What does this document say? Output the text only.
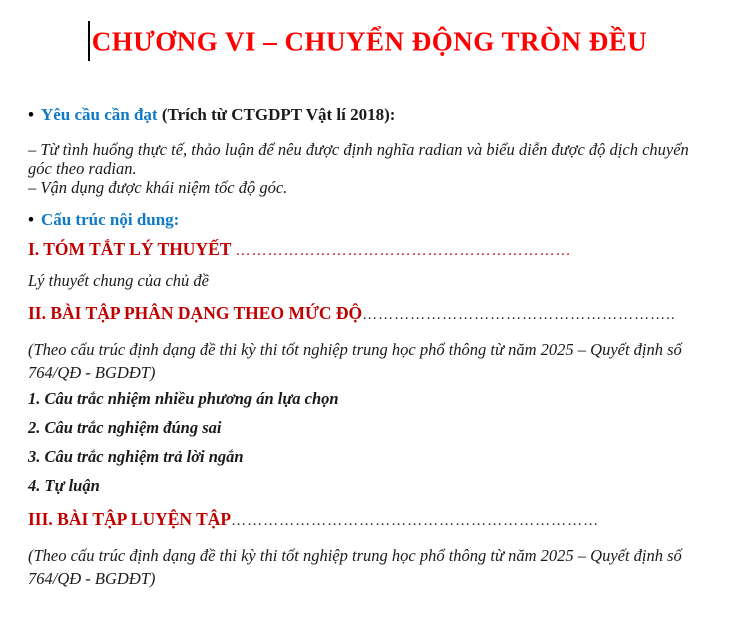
CHƯƠNG VI – CHUYỂN ĐỘNG TRÒN ĐỀU
• Yêu cầu cần đạt (Trích từ CTGDPT Vật lí 2018):
– Từ tình huống thực tế, thảo luận để nêu được định nghĩa radian và biểu diễn được độ dịch chuyển góc theo radian.
– Vận dụng được khái niệm tốc độ góc.
• Cấu trúc nội dung:
I. TÓM TẮT LÝ THUYẾT ………………………………………………………
Lý thuyết chung của chủ đề
II. BÀI TẬP PHÂN DẠNG THEO MỨC ĐỘ…………………………………………………..
(Theo cấu trúc định dạng đề thi kỳ thi tốt nghiệp trung học phổ thông từ năm 2025 – Quyết định số 764/QĐ - BGDĐT)
1. Câu trắc nhiệm nhiều phương án lựa chọn
2. Câu trắc nghiệm đúng sai
3. Câu trắc nghiệm trả lời ngắn
4. Tự luận
III. BÀI TẬP LUYỆN TẬP……………………………………………………………
(Theo cấu trúc định dạng đề thi kỳ thi tốt nghiệp trung học phổ thông từ năm 2025 – Quyết định số 764/QĐ - BGDĐT)
